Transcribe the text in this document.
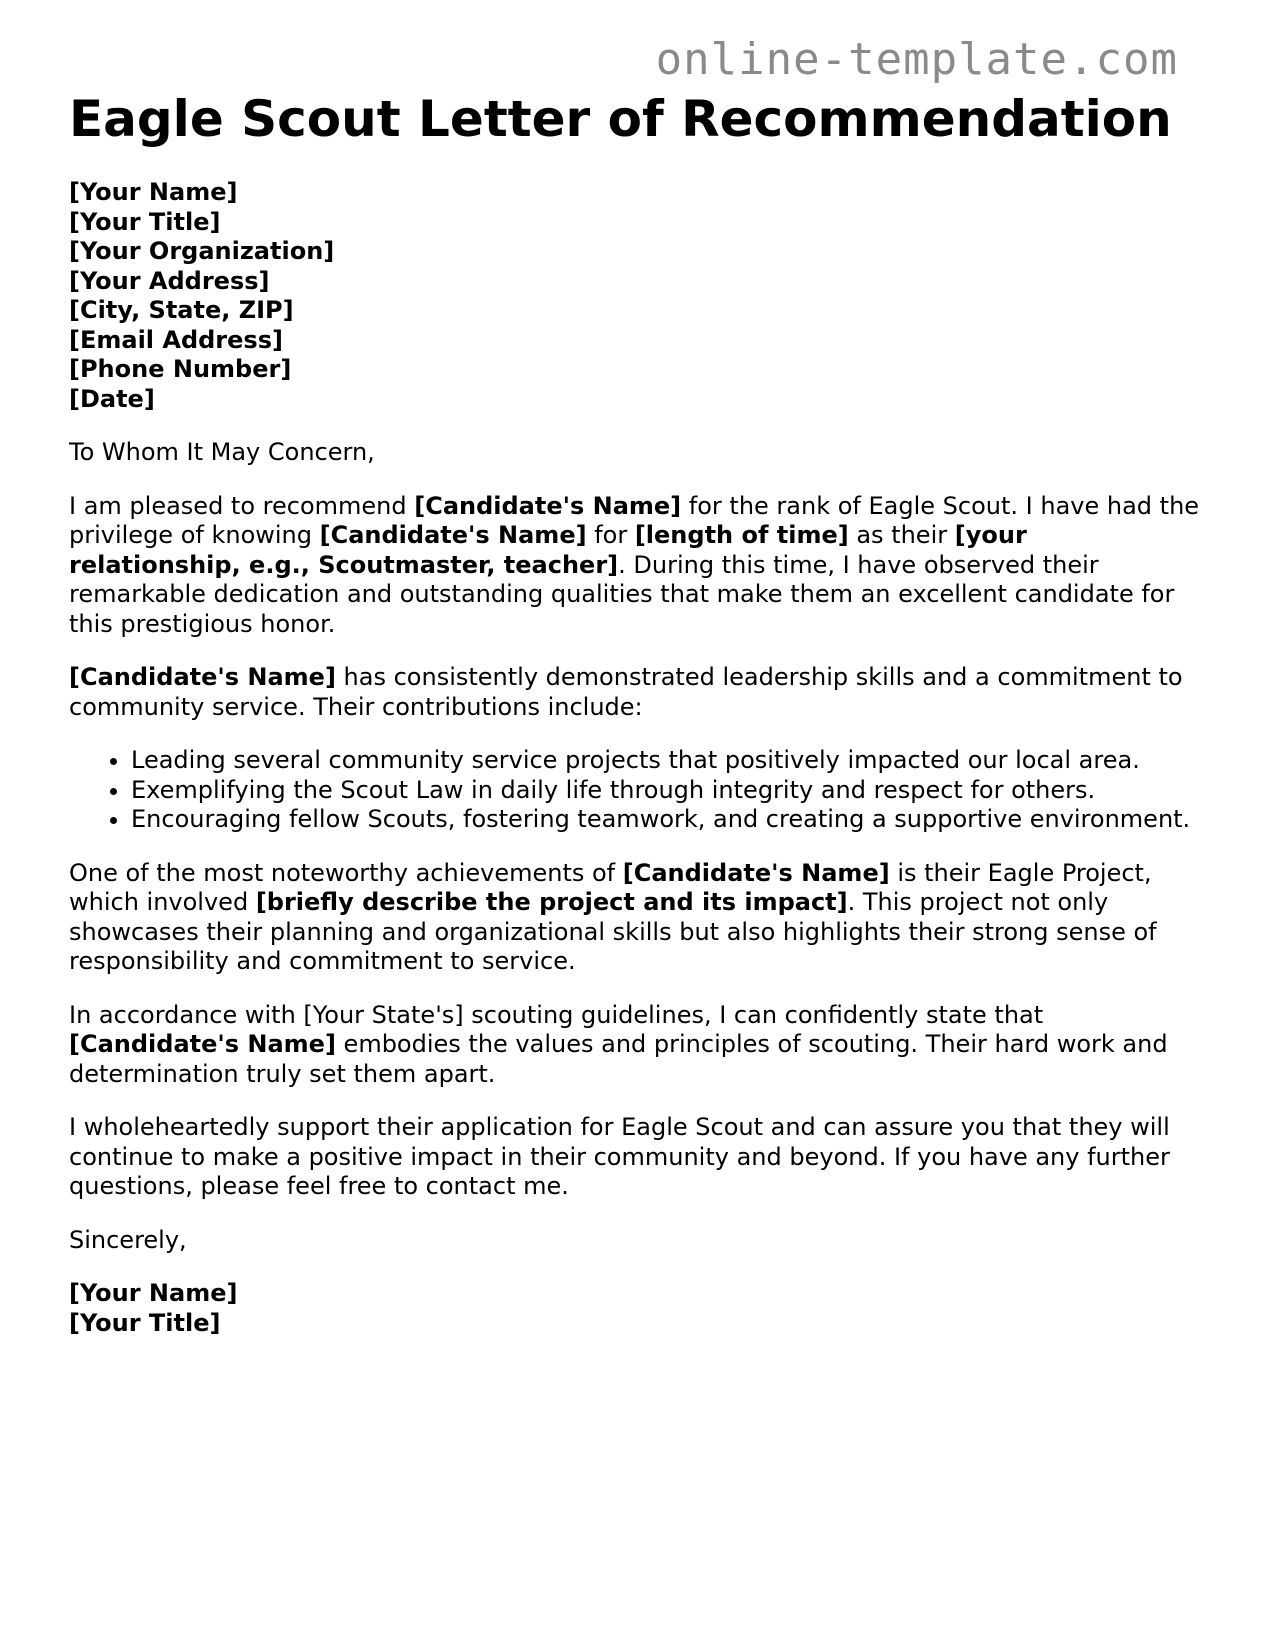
online-template.com
Eagle Scout Letter of Recommendation
[Your Name]
[Your Title]
[Your Organization]
[Your Address]
[City, State, ZIP]
[Email Address]
[Phone Number]
[Date]

To Whom It May Concern,

I am pleased to recommend [Candidate's Name] for the rank of Eagle Scout. I have had the privilege of knowing [Candidate's Name] for [length of time] as their [your relationship, e.g., Scoutmaster, teacher]. During this time, I have observed their remarkable dedication and outstanding qualities that make them an excellent candidate for this prestigious honor.

[Candidate's Name] has consistently demonstrated leadership skills and a commitment to community service. Their contributions include:

• Leading several community service projects that positively impacted our local area.
• Exemplifying the Scout Law in daily life through integrity and respect for others.
• Encouraging fellow Scouts, fostering teamwork, and creating a supportive environment.

One of the most noteworthy achievements of [Candidate's Name] is their Eagle Project, which involved [briefly describe the project and its impact]. This project not only showcases their planning and organizational skills but also highlights their strong sense of responsibility and commitment to service.

In accordance with [Your State's] scouting guidelines, I can confidently state that [Candidate's Name] embodies the values and principles of scouting. Their hard work and determination truly set them apart.

I wholeheartedly support their application for Eagle Scout and can assure you that they will continue to make a positive impact in their community and beyond. If you have any further questions, please feel free to contact me.

Sincerely,

[Your Name]
[Your Title]
